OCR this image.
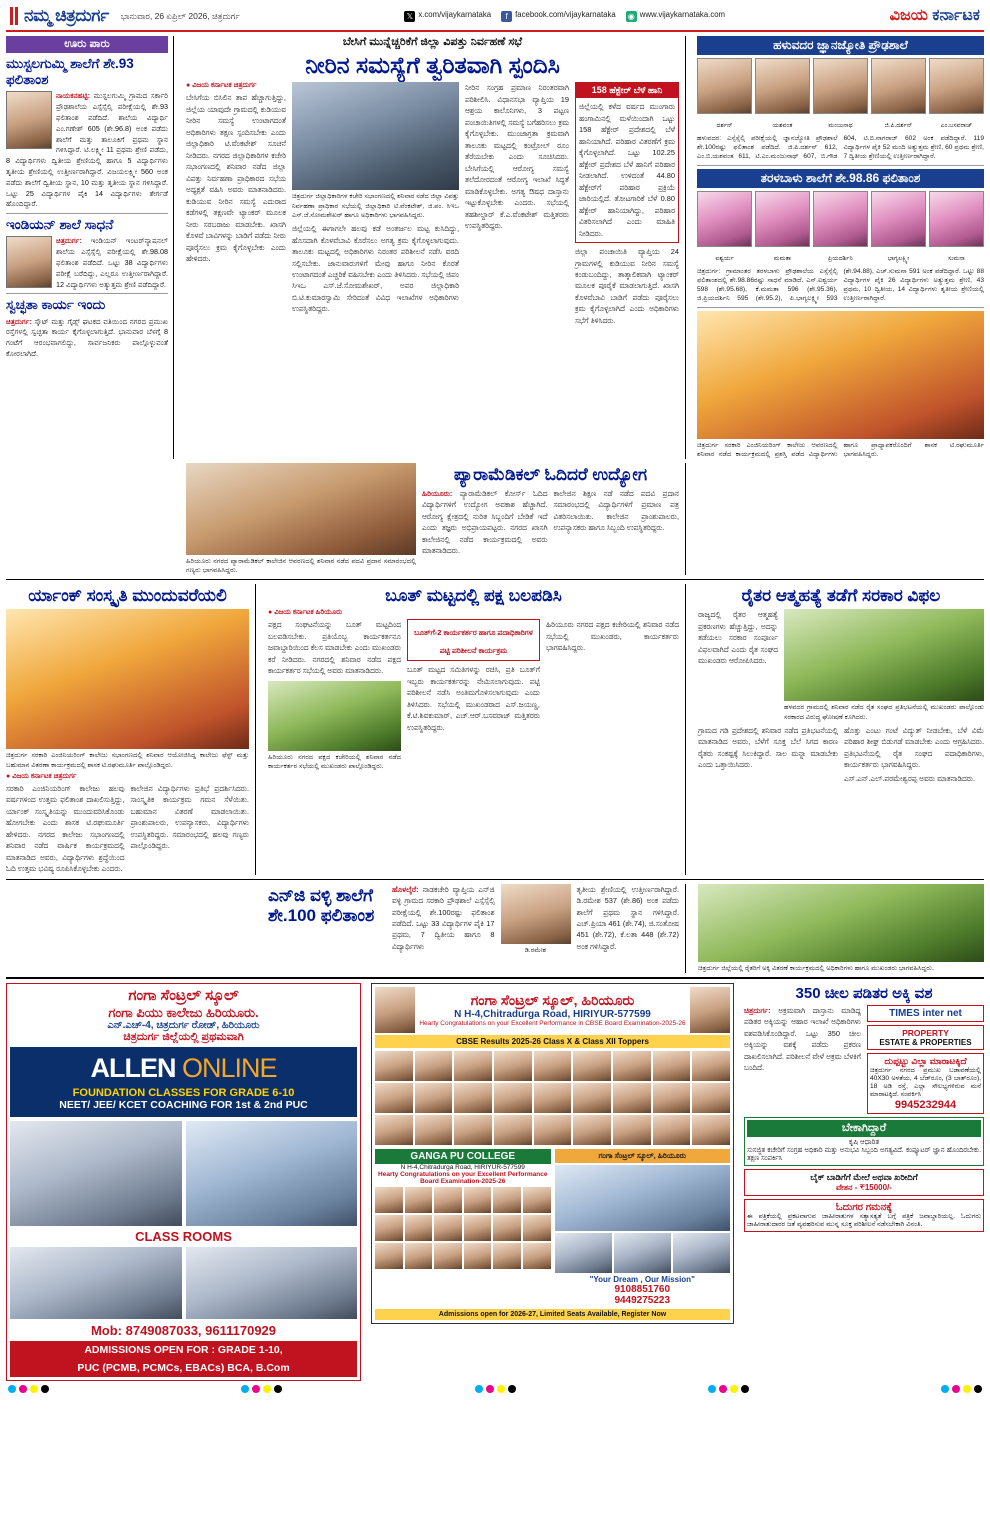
ನಮ್ಮ ಚಿತ್ರದುರ್ಗ ಭಾನುವಾರ, 26 ಏಪ್ರಿಲ್ 2026, ಚಿತ್ರದುರ್ಗ	𝕏 x.com/vijaykarnataka	f facebook.com/vijaykarnataka ◉ www.vijaykarnataka.com	ವಿಜಯ ಕರ್ನಾಟಕ
ಊರು ಪಾರು
ಮುಸ್ಟಲಗುಮ್ಮಿ ಶಾಲೆಗೆ ಶೇ.93 ಫಲಿತಾಂಶ
ನಾಯಕನಹಟ್ಟಿ: ಮುಸ್ಟಲಗುಮ್ಮಿ ಗ್ರಾಮದ ಸರ್ಕಾರಿ ಪ್ರೌಢಶಾಲೆಯ ಎಸ್ಸೆಸ್ಸೆಲ್ಸಿ ಪರೀಕ್ಷೆಯಲ್ಲಿ ಶೇ.93 ಫಲಿತಾಂಶ ಪಡೆದಿದೆ. ಶಾಲೆಯ ವಿದ್ಯಾರ್ಥಿ ಎಂ.ಗಣೇಶ್ 605 (ಶೇ.96.8) ಅಂಕ ಪಡೆದು ಶಾಲೆಗೆ ಮತ್ತು ತಾಲೂಕಿಗೆ ಪ್ರಥಮ ಸ್ಥಾನ ಗಳಿಸಿದ್ದಾರೆ. ಟಿ.ಲಕ್ಷ್ಮೀ 11 ಪ್ರಥಮ ಶ್ರೇಣಿ ಪಡೆದು, 8 ವಿದ್ಯಾರ್ಥಿಗಳು ದ್ವಿತೀಯ ಶ್ರೇಣಿಯಲ್ಲಿ ಹಾಗೂ 5 ವಿದ್ಯಾರ್ಥಿಗಳು ತೃತೀಯ ಶ್ರೇಣಿಯಲ್ಲಿ ಉತ್ತೀರ್ಣರಾಗಿದ್ದಾರೆ. ವಿಜಯಲಕ್ಷ್ಮೀ 560 ಅಂಕ ಪಡೆದು ಶಾಲೆಗೆ ದ್ವಿತೀಯ ಸ್ಥಾನ, 10 ಮತ್ತು ತೃತೀಯ ಸ್ಥಾನ ಗಳಿಸಿದ್ದಾರೆ. ಒಟ್ಟು 25 ವಿದ್ಯಾರ್ಥಿಗಳ ಪೈಕಿ 14 ವಿದ್ಯಾರ್ಥಿಗಳು ತೇರ್ಗಡೆ ಹೊಂದಿದ್ದಾರೆ.
ಇಂಡಿಯನ್ ಶಾಲೆ ಸಾಧನೆ
ಚಿತ್ರದುರ್ಗ: ಇಂಡಿಯನ್ ಇಂಟರ್‌ನ್ಯಾಷನಲ್ ಶಾಲೆಯ ಎಸ್ಸೆಸ್ಸೆಲ್ಸಿ ಪರೀಕ್ಷೆಯಲ್ಲಿ ಶೇ.98.08 ಫಲಿತಾಂಶ ಪಡೆದಿದೆ. ಒಟ್ಟು 38 ವಿದ್ಯಾರ್ಥಿಗಳು ಪರೀಕ್ಷೆ ಬರೆದಿದ್ದು, ಎಲ್ಲರೂ ಉತ್ತೀರ್ಣರಾಗಿದ್ದಾರೆ. 12 ವಿದ್ಯಾರ್ಥಿಗಳು ಅತ್ಯುತ್ತಮ ಶ್ರೇಣಿ ಪಡೆದಿದ್ದಾರೆ.
ಸ್ವಚ್ಛತಾ ಕಾರ್ಯ ಇಂದು
ಚಿತ್ರದುರ್ಗ: ಸ್ಕೌಟ್ ಮತ್ತು ಗೈಡ್ಸ್ ಘಟಕದ ವತಿಯಿಂದ ನಗರದ ಪ್ರಮುಖ ರಸ್ತೆಗಳಲ್ಲಿ ಸ್ವಚ್ಛತಾ ಕಾರ್ಯ ಕೈಗೊಳ್ಳಲಾಗುತ್ತಿದೆ. ಭಾನುವಾರ ಬೆಳಗ್ಗೆ 8 ಗಂಟೆಗೆ ಆರಂಭವಾಗಲಿದ್ದು, ಸಾರ್ವಜನಿಕರು ಪಾಲ್ಗೊಳ್ಳುವಂತೆ ಕೋರಲಾಗಿದೆ.
ಬೇಸಿಗೆ ಮುನ್ನೆಚ್ಚರಿಕೆಗೆ ಜಿಲ್ಲಾ ವಿಪತ್ತು ನಿರ್ವಹಣೆ ಸಭೆ
ನೀರಿನ ಸಮಸ್ಯೆಗೆ ತ್ವರಿತವಾಗಿ ಸ್ಪಂದಿಸಿ
● ವಿಜಯ ಕರ್ನಾಟಕ ಚಿತ್ರದುರ್ಗ
ಬೇಸಿಗೆಯ ಬಿಸಿಲಿನ ತಾಪ ಹೆಚ್ಚಾಗುತ್ತಿದ್ದು, ಜಿಲ್ಲೆಯ ಯಾವುದೇ ಗ್ರಾಮದಲ್ಲಿ ಕುಡಿಯುವ ನೀರಿನ ಸಮಸ್ಯೆ ಉಂಟಾಗದಂತೆ ಅಧಿಕಾರಿಗಳು ತಕ್ಷಣ ಸ್ಪಂದಿಸಬೇಕು ಎಂದು ಜಿಲ್ಲಾಧಿಕಾರಿ ಟಿ.ವೆಂಕಟೇಶ್ ಸೂಚನೆ ನೀಡಿದರು. ನಗರದ ಜಿಲ್ಲಾಧಿಕಾರಿಗಳ ಕಚೇರಿ ಸಭಾಂಗಣದಲ್ಲಿ ಶನಿವಾರ ನಡೆದ ಜಿಲ್ಲಾ ವಿಪತ್ತು ನಿರ್ವಹಣಾ ಪ್ರಾಧಿಕಾರದ ಸಭೆಯ ಅಧ್ಯಕ್ಷತೆ ವಹಿಸಿ ಅವರು ಮಾತನಾಡಿದರು. ಕುಡಿಯುವ ನೀರಿನ ಸಮಸ್ಯೆ ಎದುರಾದ ಕಡೆಗಳಲ್ಲಿ ತಕ್ಷಣವೇ ಟ್ಯಾಂಕರ್ ಮೂಲಕ ನೀರು ಸರಬರಾಜು ಮಾಡಬೇಕು. ಖಾಸಗಿ ಕೊಳವೆ ಬಾವಿಗಳನ್ನು ಬಾಡಿಗೆ ಪಡೆದು ನೀರು ಪೂರೈಸಲು ಕ್ರಮ ಕೈಗೊಳ್ಳಬೇಕು ಎಂದು ಹೇಳಿದರು.
ಚಿತ್ರದುರ್ಗ ಜಿಲ್ಲಾಧಿಕಾರಿಗಳ ಕಚೇರಿ ಸಭಾಂಗಣದಲ್ಲಿ ಶನಿವಾರ ನಡೆದ ಜಿಲ್ಲಾ ವಿಪತ್ತು ನಿರ್ವಹಣಾ ಪ್ರಾಧಿಕಾರ ಸಭೆಯಲ್ಲಿ ಜಿಲ್ಲಾಧಿಕಾರಿ ಟಿ.ವೆಂಕಟೇಶ್, ಜಿ.ಪಂ. ಸಿಇಒ ಎಸ್.ಜೆ.ಸೋಮಶೇಖರ್ ಹಾಗೂ ಅಧಿಕಾರಿಗಳು ಭಾಗವಹಿಸಿದ್ದರು.
ಜಿಲ್ಲೆಯಲ್ಲಿ ಈಗಾಗಲೇ ಹಲವು ಕಡೆ ಅಂತರ್ಜಲ ಮಟ್ಟ ಕುಸಿದಿದ್ದು, ಹೊಸದಾಗಿ ಕೊಳವೆಬಾವಿ ಕೊರೆಸಲು ಅಗತ್ಯ ಕ್ರಮ ಕೈಗೊಳ್ಳಲಾಗುವುದು. ತಾಲೂಕು ಮಟ್ಟದಲ್ಲಿ ಅಧಿಕಾರಿಗಳು ನಿರಂತರ ಪರಿಶೀಲನೆ ನಡೆಸಿ ವರದಿ ಸಲ್ಲಿಸಬೇಕು. ಜಾನುವಾರುಗಳಿಗೆ ಮೇವು ಹಾಗೂ ನೀರಿನ ಕೊರತೆ ಉಂಟಾಗದಂತೆ ಎಚ್ಚರಿಕೆ ವಹಿಸಬೇಕು ಎಂದು ತಿಳಿಸಿದರು. ಸಭೆಯಲ್ಲಿ ಜಿಪಂ ಸಿಇಒ ಎಸ್.ಜೆ.ಸೋಮಶೇಖರ್, ಅಪರ ಜಿಲ್ಲಾಧಿಕಾರಿ ಬಿ.ಟಿ.ಕುಮಾರಸ್ವಾಮಿ ಸೇರಿದಂತೆ ವಿವಿಧ ಇಲಾಖೆಗಳ ಅಧಿಕಾರಿಗಳು ಉಪಸ್ಥಿತರಿದ್ದರು.
ನೀರಿನ ಸಂಗ್ರಹ ಪ್ರಮಾಣ ನಿರಂತರವಾಗಿ ಪರಿಶೀಲಿಸಿ. ವಿಧಾನಸಭಾ ವ್ಯಾಪ್ತಿಯ 19 ಆಶ್ರಯ ಕಾಲೊನಿಗಳು, 3 ಪಟ್ಟಣ ಪಂಚಾಯಿತಿಗಳಲ್ಲಿ ಸಮಸ್ಯೆ ಬಗೆಹರಿಸಲು ಕ್ರಮ ಕೈಗೊಳ್ಳಬೇಕು. ಮುಂಜಾಗ್ರತಾ ಕ್ರಮವಾಗಿ ತಾಲೂಕು ಮಟ್ಟದಲ್ಲಿ ಕಂಟ್ರೋಲ್ ರೂಂ ತೆರೆಯಬೇಕು ಎಂದು ಸೂಚಿಸಿದರು. ಬೇಸಿಗೆಯಲ್ಲಿ ಆರೋಗ್ಯ ಸಮಸ್ಯೆ ತಲೆದೋರದಂತೆ ಆರೋಗ್ಯ ಇಲಾಖೆ ಸಿದ್ಧತೆ ಮಾಡಿಕೊಳ್ಳಬೇಕು. ಅಗತ್ಯ ಔಷಧ ದಾಸ್ತಾನು ಇಟ್ಟುಕೊಳ್ಳಬೇಕು ಎಂದರು. ಸಭೆಯಲ್ಲಿ ತಹಶೀಲ್ದಾರ್ ಕೆ.ಎ.ವೆಂಕಟೇಶ್ ಮತ್ತಿತರರು ಉಪಸ್ಥಿತರಿದ್ದರು.
158 ಹೆಕ್ಟೇರ್ ಬೆಳೆ ಹಾನಿ
ಜಿಲ್ಲೆಯಲ್ಲಿ ಕಳೆದ ವರ್ಷದ ಮುಂಗಾರು ಹಂಗಾಮಿನಲ್ಲಿ ಮಳೆಯಿಂದಾಗಿ ಒಟ್ಟು 158 ಹೆಕ್ಟೇರ್ ಪ್ರದೇಶದಲ್ಲಿ ಬೆಳೆ ಹಾನಿಯಾಗಿದೆ. ಪರಿಹಾರ ವಿತರಣೆಗೆ ಕ್ರಮ ಕೈಗೊಳ್ಳಲಾಗಿದೆ. ಒಟ್ಟು 102.25 ಹೆಕ್ಟೇರ್ ಪ್ರದೇಶದ ಬೆಳೆ ಹಾನಿಗೆ ಪರಿಹಾರ ನೀಡಲಾಗಿದೆ. ಉಳಿದಂತೆ 44.80 ಹೆಕ್ಟೇರ್‌ಗೆ ಪರಿಹಾರ ಪ್ರಕ್ರಿಯೆ ಜಾರಿಯಲ್ಲಿದೆ. ತೋಟಗಾರಿಕೆ ಬೆಳೆ 0.80 ಹೆಕ್ಟೇರ್ ಹಾನಿಯಾಗಿದ್ದು, ಪರಿಹಾರ ವಿತರಿಸಲಾಗಿದೆ ಎಂದು ಮಾಹಿತಿ ನೀಡಿದರು.
ಜಿಲ್ಲಾ ಪಂಚಾಯಿತಿ ವ್ಯಾಪ್ತಿಯ 24 ಗ್ರಾಮಗಳಲ್ಲಿ ಕುಡಿಯುವ ನೀರಿನ ಸಮಸ್ಯೆ ಕಂಡುಬಂದಿದ್ದು, ತಾತ್ಕಾಲಿಕವಾಗಿ ಟ್ಯಾಂಕರ್ ಮೂಲಕ ಪೂರೈಕೆ ಮಾಡಲಾಗುತ್ತಿದೆ. ಖಾಸಗಿ ಕೊಳವೆಬಾವಿ ಬಾಡಿಗೆ ಪಡೆದು ಪೂರೈಸಲು ಕ್ರಮ ಕೈಗೊಳ್ಳಲಾಗಿದೆ ಎಂದು ಅಧಿಕಾರಿಗಳು ಸಭೆಗೆ ತಿಳಿಸಿದರು.
ಹಳುವದರ ಜ್ಞಾನಜ್ಯೋತಿ ಪ್ರೌಢಶಾಲೆ
ದರ್ಶನ್	ಯಶವಂತ	ಮಂಜುನಾಥ	ಜಿ.ಪಿ.ದರ್ಶನ್	ಎಂ.ಬಸವರಾಜ್
ಹಳುವದರ: ಎಸ್ಸೆಸ್ಸೆಲ್ಸಿ ಪರೀಕ್ಷೆಯಲ್ಲಿ ಜ್ಞಾನಜ್ಯೋತಿ ಪ್ರೌಢಶಾಲೆ ಶೇ.100ರಷ್ಟು ಫಲಿತಾಂಶ ಪಡೆದಿದೆ. ಜಿ.ಪಿ.ದರ್ಶನ್ 612, ಎಂ.ಬಿ.ಯಶವಂತ 611, ಟಿ.ಎಂ.ಮಂಜುನಾಥ್ 607, ಬಿ.ಗೌಡ 604, ಟಿ.ಬಿ.ನಾಗರಾಜ್ 602 ಅಂಕ ಪಡೆದಿದ್ದಾರೆ. 119 ವಿದ್ಯಾರ್ಥಿಗಳ ಪೈಕಿ 52 ಮಂದಿ ಅತ್ಯುತ್ತಮ ಶ್ರೇಣಿ, 60 ಪ್ರಥಮ ಶ್ರೇಣಿ, 7 ದ್ವಿತೀಯ ಶ್ರೇಣಿಯಲ್ಲಿ ಉತ್ತೀರ್ಣರಾಗಿದ್ದಾರೆ.
ತರಳಬಾಳು ಶಾಲೆಗೆ ಶೇ.98.86 ಫಲಿತಾಂಶ
ಐಶ್ವರ್ಯ	ಮಮತಾ	ಪ್ರಿಯದರ್ಶಿನಿ	ಭಾಗ್ಯಲಕ್ಷ್ಮೀ	ಸುಮನಾ
ಚಿತ್ರದುರ್ಗ: ಗ್ರಾಮಾಂತರ ತರಳಬಾಳು ಪ್ರೌಢಶಾಲೆಯ ಎಸ್ಸೆಸ್ಸೆಲ್ಸಿ ಫಲಿತಾಂಶದಲ್ಲಿ ಶೇ.98.86ರಷ್ಟು ಸಾಧನೆ ಮಾಡಿದೆ. ಎಸ್.ಐಶ್ವರ್ಯ 598 (ಶೇ.95.68), ಕೆ.ಮಮತಾ 596 (ಶೇ.95.36), ಜಿ.ಪ್ರಿಯದರ್ಶಿನಿ 595 (ಶೇ.95.2), ಪಿ.ಭಾಗ್ಯಲಕ್ಷ್ಮೀ 593 (ಶೇ.94.88), ಎಚ್.ಸುಮನಾ 591 ಅಂಕ ಪಡೆದಿದ್ದಾರೆ. ಒಟ್ಟು 88 ವಿದ್ಯಾರ್ಥಿಗಳ ಪೈಕಿ 26 ವಿದ್ಯಾರ್ಥಿಗಳು ಅತ್ಯುತ್ತಮ ಶ್ರೇಣಿ, 43 ಪ್ರಥಮ, 10 ದ್ವಿತೀಯ, 14 ವಿದ್ಯಾರ್ಥಿಗಳು ತೃತೀಯ ಶ್ರೇಣಿಯಲ್ಲಿ ಉತ್ತೀರ್ಣರಾಗಿದ್ದಾರೆ.
ಚಿತ್ರದುರ್ಗ ಸರಕಾರಿ ಎಂಜಿನಿಯರಿಂಗ್ ಕಾಲೇಜು ಆವರಣದಲ್ಲಿ ಶನಿವಾರ ನಡೆದ ಕಾರ್ಯಕ್ರಮದಲ್ಲಿ ಪ್ರಶಸ್ತಿ ಪಡೆದ ವಿದ್ಯಾರ್ಥಿಗಳು ಹಾಗೂ ಪ್ರಾಧ್ಯಾಪಕರೊಂದಿಗೆ ಶಾಸಕ ಟಿ.ರಘುಮೂರ್ತಿ ಭಾಗವಹಿಸಿದ್ದರು.
ಹಿರಿಯೂರು ನಗರದ ಪ್ಯಾರಾಮೆಡಿಕಲ್ ಕಾಲೇಜಿನ ಆವರಣದಲ್ಲಿ ಶನಿವಾರ ನಡೆದ ಪದವಿ ಪ್ರದಾನ ಸಮಾರಂಭದಲ್ಲಿ ಗಣ್ಯರು ಭಾಗವಹಿಸಿದ್ದರು.
ಪ್ಯಾರಾಮೆಡಿಕಲ್ ಓದಿದರೆ ಉದ್ಯೋಗ
ಹಿರಿಯೂರು: ಪ್ಯಾರಾಮೆಡಿಕಲ್ ಕೋರ್ಸ್ ಓದಿದ ವಿದ್ಯಾರ್ಥಿಗಳಿಗೆ ಉದ್ಯೋಗ ಅವಕಾಶ ಹೆಚ್ಚಾಗಿದೆ. ಆರೋಗ್ಯ ಕ್ಷೇತ್ರದಲ್ಲಿ ನುರಿತ ಸಿಬ್ಬಂದಿಗೆ ಬೇಡಿಕೆ ಇದೆ ಎಂದು ತಜ್ಞರು ಅಭಿಪ್ರಾಯಪಟ್ಟರು. ನಗರದ ಖಾಸಗಿ ಕಾಲೇಜಿನಲ್ಲಿ ನಡೆದ ಕಾರ್ಯಕ್ರಮದಲ್ಲಿ ಅವರು ಮಾತನಾಡಿದರು.
ಕಾಲೇಜಿನ ಶಿಕ್ಷಣ ನಡೆ ನಡೆದ ಪದವಿ ಪ್ರದಾನ ಸಮಾರಂಭದಲ್ಲಿ ವಿದ್ಯಾರ್ಥಿಗಳಿಗೆ ಪ್ರಮಾಣ ಪತ್ರ ವಿತರಿಸಲಾಯಿತು. ಕಾಲೇಜಿನ ಪ್ರಾಂಶುಪಾಲರು, ಉಪನ್ಯಾಸಕರು ಹಾಗೂ ಸಿಬ್ಬಂದಿ ಉಪಸ್ಥಿತರಿದ್ದರು.
ರ್ಯಾಂಕ್ ಸಂಸ್ಕೃತಿ ಮುಂದುವರೆಯಲಿ
ಚಿತ್ರದುರ್ಗ ಸರಕಾರಿ ಎಂಜಿನಿಯರಿಂಗ್ ಕಾಲೇಜು ಸಭಾಂಗಣದಲ್ಲಿ ಶನಿವಾರ ಆಯೋಜಿಸಿದ್ದ ಕಾಲೇಜು ಫೆಸ್ಟ್ ಮತ್ತು ಬಹುಮಾನ ವಿತರಣಾ ಕಾರ್ಯಕ್ರಮದಲ್ಲಿ ಶಾಸಕ ಟಿ.ರಘುಮೂರ್ತಿ ಪಾಲ್ಗೊಂಡಿದ್ದರು.
● ವಿಜಯ ಕರ್ನಾಟಕ ಚಿತ್ರದುರ್ಗ
ಸರಕಾರಿ ಎಂಜಿನಿಯರಿಂಗ್ ಕಾಲೇಜು ಹಲವು ವರ್ಷಗಳಿಂದ ಉತ್ತಮ ಫಲಿತಾಂಶ ದಾಖಲಿಸುತ್ತಿದ್ದು, ರ್ಯಾಂಕ್ ಸಂಸ್ಕೃತಿಯನ್ನು ಮುಂದುವರಿಸಿಕೊಂಡು ಹೋಗಬೇಕು ಎಂದು ಶಾಸಕ ಟಿ.ರಘುಮೂರ್ತಿ ಹೇಳಿದರು. ನಗರದ ಕಾಲೇಜು ಸಭಾಂಗಣದಲ್ಲಿ ಶನಿವಾರ ನಡೆದ ವಾರ್ಷಿಕ ಕಾರ್ಯಕ್ರಮದಲ್ಲಿ ಮಾತನಾಡಿದ ಅವರು, ವಿದ್ಯಾರ್ಥಿಗಳು ಶ್ರದ್ಧೆಯಿಂದ ಓದಿ ಉತ್ತಮ ಭವಿಷ್ಯ ರೂಪಿಸಿಕೊಳ್ಳಬೇಕು ಎಂದರು.
ಕಾಲೇಜಿನ ವಿದ್ಯಾರ್ಥಿಗಳು ಪ್ರತಿಭೆ ಪ್ರದರ್ಶಿಸಿದರು. ಸಾಂಸ್ಕೃತಿಕ ಕಾರ್ಯಕ್ರಮ ಗಮನ ಸೆಳೆಯಿತು. ಬಹುಮಾನ ವಿತರಣೆ ಮಾಡಲಾಯಿತು. ಪ್ರಾಂಶುಪಾಲರು, ಉಪನ್ಯಾಸಕರು, ವಿದ್ಯಾರ್ಥಿಗಳು ಉಪಸ್ಥಿತರಿದ್ದರು. ಸಮಾರಂಭದಲ್ಲಿ ಹಲವು ಗಣ್ಯರು ಪಾಲ್ಗೊಂಡಿದ್ದರು.
ಬೂತ್ ಮಟ್ಟದಲ್ಲಿ ಪಕ್ಷ ಬಲಪಡಿಸಿ
● ವಿಜಯ ಕರ್ನಾಟಕ ಹಿರಿಯೂರು
ಪಕ್ಷದ ಸಂಘಟನೆಯನ್ನು ಬೂತ್ ಮಟ್ಟದಿಂದ ಬಲಪಡಿಸಬೇಕು. ಪ್ರತಿಯೊಬ್ಬ ಕಾರ್ಯಕರ್ತನೂ ಜವಾಬ್ದಾರಿಯಿಂದ ಕೆಲಸ ಮಾಡಬೇಕು ಎಂದು ಮುಖಂಡರು ಕರೆ ನೀಡಿದರು. ನಗರದಲ್ಲಿ ಶನಿವಾರ ನಡೆದ ಪಕ್ಷದ ಕಾರ್ಯಕರ್ತರ ಸಭೆಯಲ್ಲಿ ಅವರು ಮಾತನಾಡಿದರು.
ಹಿರಿಯೂರು ನಗರದ ಪಕ್ಷದ ಕಚೇರಿಯಲ್ಲಿ ಶನಿವಾರ ನಡೆದ ಕಾರ್ಯಕರ್ತರ ಸಭೆಯಲ್ಲಿ ಮುಖಂಡರು ಪಾಲ್ಗೊಂಡಿದ್ದರು.
ಬೂತ್‌ಗೆ-2 ಕಾರ್ಯಕರ್ತರ ಹಾಗೂ ಪದಾಧಿಕಾರಿಗಳ ಪಟ್ಟಿ ಪರಿಶೀಲನೆ ಕಾರ್ಯಕ್ರಮ
ಬೂತ್ ಮಟ್ಟದ ಸಮಿತಿಗಳನ್ನು ರಚಿಸಿ, ಪ್ರತಿ ಬೂತ್‌ಗೆ ಇಬ್ಬರು ಕಾರ್ಯಕರ್ತರನ್ನು ನೇಮಿಸಲಾಗುವುದು. ಪಟ್ಟಿ ಪರಿಶೀಲನೆ ನಡೆಸಿ ಅಂತಿಮಗೊಳಿಸಲಾಗುವುದು ಎಂದು ತಿಳಿಸಿದರು. ಸಭೆಯಲ್ಲಿ ಮುಖಂಡರಾದ ಎಸ್.ಜಯಣ್ಣ, ಕೆ.ಟಿ.ಶಿವಕುಮಾರ್, ಎಚ್.ಆರ್.ಬಸವರಾಜ್ ಮತ್ತಿತರರು ಉಪಸ್ಥಿತರಿದ್ದರು.
ಹಿರಿಯೂರು ನಗರದ ಪಕ್ಷದ ಕಚೇರಿಯಲ್ಲಿ ಶನಿವಾರ ನಡೆದ ಸಭೆಯಲ್ಲಿ ಮುಖಂಡರು, ಕಾರ್ಯಕರ್ತರು ಭಾಗವಹಿಸಿದ್ದರು.
ರೈತರ ಆತ್ಮಹತ್ಯೆ ತಡೆಗೆ ಸರಕಾರ ವಿಫಲ
ರಾಜ್ಯದಲ್ಲಿ ರೈತರ ಆತ್ಮಹತ್ಯೆ ಪ್ರಕರಣಗಳು ಹೆಚ್ಚುತ್ತಿದ್ದು, ಅದನ್ನು ತಡೆಯಲು ಸರಕಾರ ಸಂಪೂರ್ಣ ವಿಫಲವಾಗಿದೆ ಎಂದು ರೈತ ಸಂಘದ ಮುಖಂಡರು ಆರೋಪಿಸಿದರು.
ಹಳವದರ ಗ್ರಾಮದಲ್ಲಿ ಶನಿವಾರ ನಡೆದ ರೈತ ಸಂಘದ ಪ್ರತಿಭಟನೆಯಲ್ಲಿ ಮುಖಂಡರು ಪಾಲ್ಗೊಂಡು ಸರಕಾರದ ವಿರುದ್ಧ ಘೋಷಣೆ ಕೂಗಿದರು.
ಗ್ರಾಮದ ಗಡಿ ಪ್ರದೇಶದಲ್ಲಿ ಶನಿವಾರ ನಡೆದ ಪ್ರತಿಭಟನೆಯಲ್ಲಿ ಮಾತನಾಡಿದ ಅವರು, ಬೆಳೆಗೆ ಸೂಕ್ತ ಬೆಲೆ ಸಿಗದ ಕಾರಣ ರೈತರು ಸಂಕಷ್ಟಕ್ಕೆ ಸಿಲುಕಿದ್ದಾರೆ. ಸಾಲ ಮನ್ನಾ ಮಾಡಬೇಕು ಎಂದು ಒತ್ತಾಯಿಸಿದರು.
ಹೊತ್ತು ಎಂಟು ಗಂಟೆ ವಿದ್ಯುತ್ ನೀಡಬೇಕು, ಬೆಳೆ ವಿಮೆ ಪರಿಹಾರ ಶೀಘ್ರ ಬಿಡುಗಡೆ ಮಾಡಬೇಕು ಎಂದು ಆಗ್ರಹಿಸಿದರು. ಪ್ರತಿಭಟನೆಯಲ್ಲಿ ರೈತ ಸಂಘದ ಪದಾಧಿಕಾರಿಗಳು, ಕಾರ್ಯಕರ್ತರು ಭಾಗವಹಿಸಿದ್ದರು.
ಎಸ್.ಎನ್.ಎಲ್.ಪರಮೇಶ್ವರಪ್ಪ ಅವರು ಮಾತನಾಡಿದರು.
ಎನ್‌ಜಿ ವಳ್ಳಿ ಶಾಲೆಗೆ ಶೇ.100 ಫಲಿತಾಂಶ
ಹೊಳಲ್ಕೆರೆ: ನಾಡಕಚೇರಿ ವ್ಯಾಪ್ತಿಯ ಎನ್‌ಜಿ ವಳ್ಳಿ ಗ್ರಾಮದ ಸರಕಾರಿ ಪ್ರೌಢಶಾಲೆ ಎಸ್ಸೆಸ್ಸೆಲ್ಸಿ ಪರೀಕ್ಷೆಯಲ್ಲಿ ಶೇ.100ರಷ್ಟು ಫಲಿತಾಂಶ ಪಡೆದಿದೆ. ಒಟ್ಟು 33 ವಿದ್ಯಾರ್ಥಿಗಳ ಪೈಕಿ 17 ಪ್ರಥಮ, 7 ದ್ವಿತೀಯ ಹಾಗೂ 8 ವಿದ್ಯಾರ್ಥಿಗಳು	ಡಿ.ರಮೇಶ
ತೃತೀಯ ಶ್ರೇಣಿಯಲ್ಲಿ ಉತ್ತೀರ್ಣರಾಗಿದ್ದಾರೆ. ಡಿ.ರಮೇಶ 537 (ಶೇ.86) ಅಂಕ ಪಡೆದು ಶಾಲೆಗೆ ಪ್ರಥಮ ಸ್ಥಾನ ಗಳಿಸಿದ್ದಾರೆ. ಎಚ್.ಪ್ರಿಯಾ 461 (ಶೇ.74), ಜಿ.ಸಂತೋಷ 451 (ಶೇ.72), ಕೆ.ಲತಾ 448 (ಶೇ.72) ಅಂಕ ಗಳಿಸಿದ್ದಾರೆ.
ಚಿತ್ರದುರ್ಗ ಜಿಲ್ಲೆಯಲ್ಲಿ ರೈತರಿಗೆ ಅಕ್ಕಿ ವಿತರಣೆ ಕಾರ್ಯಕ್ರಮದಲ್ಲಿ ಅಧಿಕಾರಿಗಳು ಹಾಗೂ ಮುಖಂಡರು ಭಾಗವಹಿಸಿದ್ದರು.
ಗಂಗಾ ಸೆಂಟ್ರಲ್ ಸ್ಕೂಲ್
ಗಂಗಾ ಪಿಯು ಕಾಲೇಜು ಹಿರಿಯೂರು.
ಎನ್‌.ಎಚ್-4, ಚಿತ್ರದುರ್ಗ ರೋಡ್, ಹಿರಿಯೂರು
ಚಿತ್ರದುರ್ಗ ಜಿಲ್ಲೆಯಲ್ಲಿ ಪ್ರಥಮವಾಗಿ
ALLEN ONLINE
FOUNDATION CLASSES FOR GRADE 6-10
NEET/ JEE/ KCET COACHING FOR 1st & 2nd PUC
CLASS ROOMS
Mob: 8749087033, 9611170929
ADMISSIONS OPEN FOR : GRADE 1-10,
PUC (PCMB, PCMCs, EBACs) BCA, B.Com
ಗಂಗಾ ಸೆಂಟ್ರಲ್ ಸ್ಕೂಲ್, ಹಿರಿಯೂರು
N H-4,Chitradurga Road, HIRIYUR-577599
Hearty Congratulations on your Excellent Performance in CBSE Board Examination-2025-26
CBSE Results 2025-26 Class X & Class XII Toppers
GANGA PU COLLEGE
N H-4,Chitradurga Road, HIRIYUR-577599
Hearty Congratulations on your Excellent Performance Board Examination-2025-26
ಗಂಗಾ ಸೆಂಟ್ರಲ್ ಸ್ಕೂಲ್, ಹಿರಿಯೂರು
"Your Dream , Our Mission"
9108851760
9449275223
Admissions open for 2026-27, Limited Seats Available, Register Now
350 ಚೀಲ ಪಡಿತರ ಅಕ್ಕಿ ವಶ
ಚಿತ್ರದುರ್ಗ: ಅಕ್ರಮವಾಗಿ ದಾಸ್ತಾನು ಮಾಡಿದ್ದ ಪಡಿತರ ಅಕ್ಕಿಯನ್ನು ಆಹಾರ ಇಲಾಖೆ ಅಧಿಕಾರಿಗಳು ವಶಪಡಿಸಿಕೊಂಡಿದ್ದಾರೆ. ಒಟ್ಟು 350 ಚೀಲ ಅಕ್ಕಿಯನ್ನು ವಶಕ್ಕೆ ಪಡೆದು ಪ್ರಕರಣ ದಾಖಲಿಸಲಾಗಿದೆ. ಪರಿಶೀಲನೆ ವೇಳೆ ಅಕ್ರಮ ಬೆಳಕಿಗೆ ಬಂದಿದೆ.
TIMES inter net
PROPERTY
ESTATE & PROPERTIES
ದುಪ್ಪಟ್ಟು ವಿಲ್ಲಾ ಮಾರಾಟಕ್ಕಿದೆ
ಚಿತ್ರದುರ್ಗ ನಗರದ ಪ್ರಮುಖ ಬಡಾವಣೆಯಲ್ಲಿ 40X30 ಅಳತೆಯ, 4 ಬೆಡ್‌ರೂಂ, (3 ಬಾತ್‌ರೂಂ), 18 ಅಡಿ ರಸ್ತೆ, ಎಲ್ಲಾ ಸೌಲಭ್ಯಗಳಿರುವ ಮನೆ ಮಾರಾಟಕ್ಕಿದೆ. ಸಂಪರ್ಕಿಸಿ
9945232944
ಬೇಕಾಗಿದ್ದಾರೆ
ಕೃಷಿ ಆಧಾರಿತ
ಸುಸಜ್ಜಿತ ಕಚೇರಿಗೆ ಸಂಗ್ರಹ ಅಧಿಕಾರಿ ಮತ್ತು ಅನುಭವಿ ಸಿಬ್ಬಂದಿ ಅಗತ್ಯವಿದೆ. ಕಂಪ್ಯೂಟರ್ ಜ್ಞಾನ ಹೊಂದಿರಬೇಕು. ತಕ್ಷಣ ಸಂಪರ್ಕಿಸಿ
ಬೈಕ್ ಬಾಡಿಗೆಗೆ ಮೇಲೆ ಅಥವಾ ಖರೀದಿಗೆ
ವೇತನ - ₹15000/-
ಓದುಗರ ಗಮನಕ್ಕೆ
ಈ ಪತ್ರಿಕೆಯಲ್ಲಿ ಪ್ರಕಟವಾಗುವ ಜಾಹೀರಾತುಗಳ ಸತ್ಯಾಸತ್ಯತೆ ಬಗ್ಗೆ ಪತ್ರಿಕೆ ಜವಾಬ್ದಾರಿಯಲ್ಲ. ಓದುಗರು ಜಾಹೀರಾತುದಾರರ ಜತೆ ವ್ಯವಹರಿಸುವ ಮುನ್ನ ಸೂಕ್ತ ಪರಿಶೀಲನೆ ನಡೆಸಬೇಕಾಗಿ ವಿನಂತಿ.
